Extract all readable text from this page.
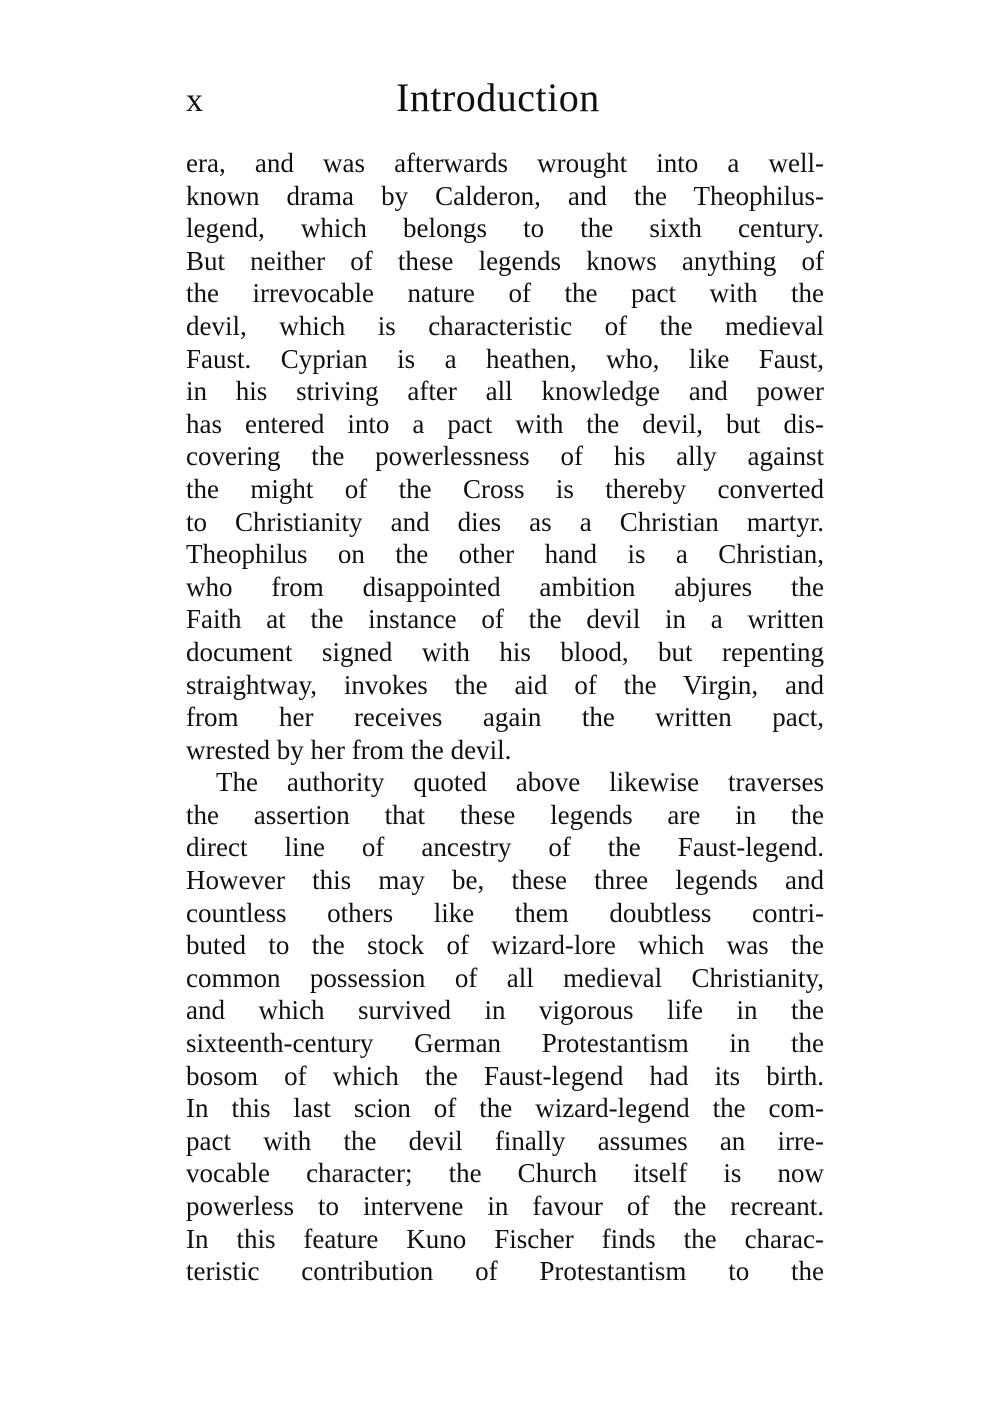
x	Introduction
era, and was afterwards wrought into a well-
known drama by Calderon, and the Theophilus-
legend, which belongs to the sixth century.
But neither of these legends knows anything of
the irrevocable nature of the pact with the
devil, which is characteristic of the medieval
Faust. Cyprian is a heathen, who, like Faust,
in his striving after all knowledge and power
has entered into a pact with the devil, but dis-
covering the powerlessness of his ally against
the might of the Cross is thereby converted
to Christianity and dies as a Christian martyr.
Theophilus on the other hand is a Christian,
who from disappointed ambition abjures the
Faith at the instance of the devil in a written
document signed with his blood, but repenting
straightway, invokes the aid of the Virgin, and
from her receives again the written pact,
wrested by her from the devil.
The authority quoted above likewise traverses
the assertion that these legends are in the
direct line of ancestry of the Faust-legend.
However this may be, these three legends and
countless others like them doubtless contri-
buted to the stock of wizard-lore which was the
common possession of all medieval Christianity,
and which survived in vigorous life in the
sixteenth-century German Protestantism in the
bosom of which the Faust-legend had its birth.
In this last scion of the wizard-legend the com-
pact with the devil finally assumes an irre-
vocable character; the Church itself is now
powerless to intervene in favour of the recreant.
In this feature Kuno Fischer finds the charac-
teristic contribution of Protestantism to the
